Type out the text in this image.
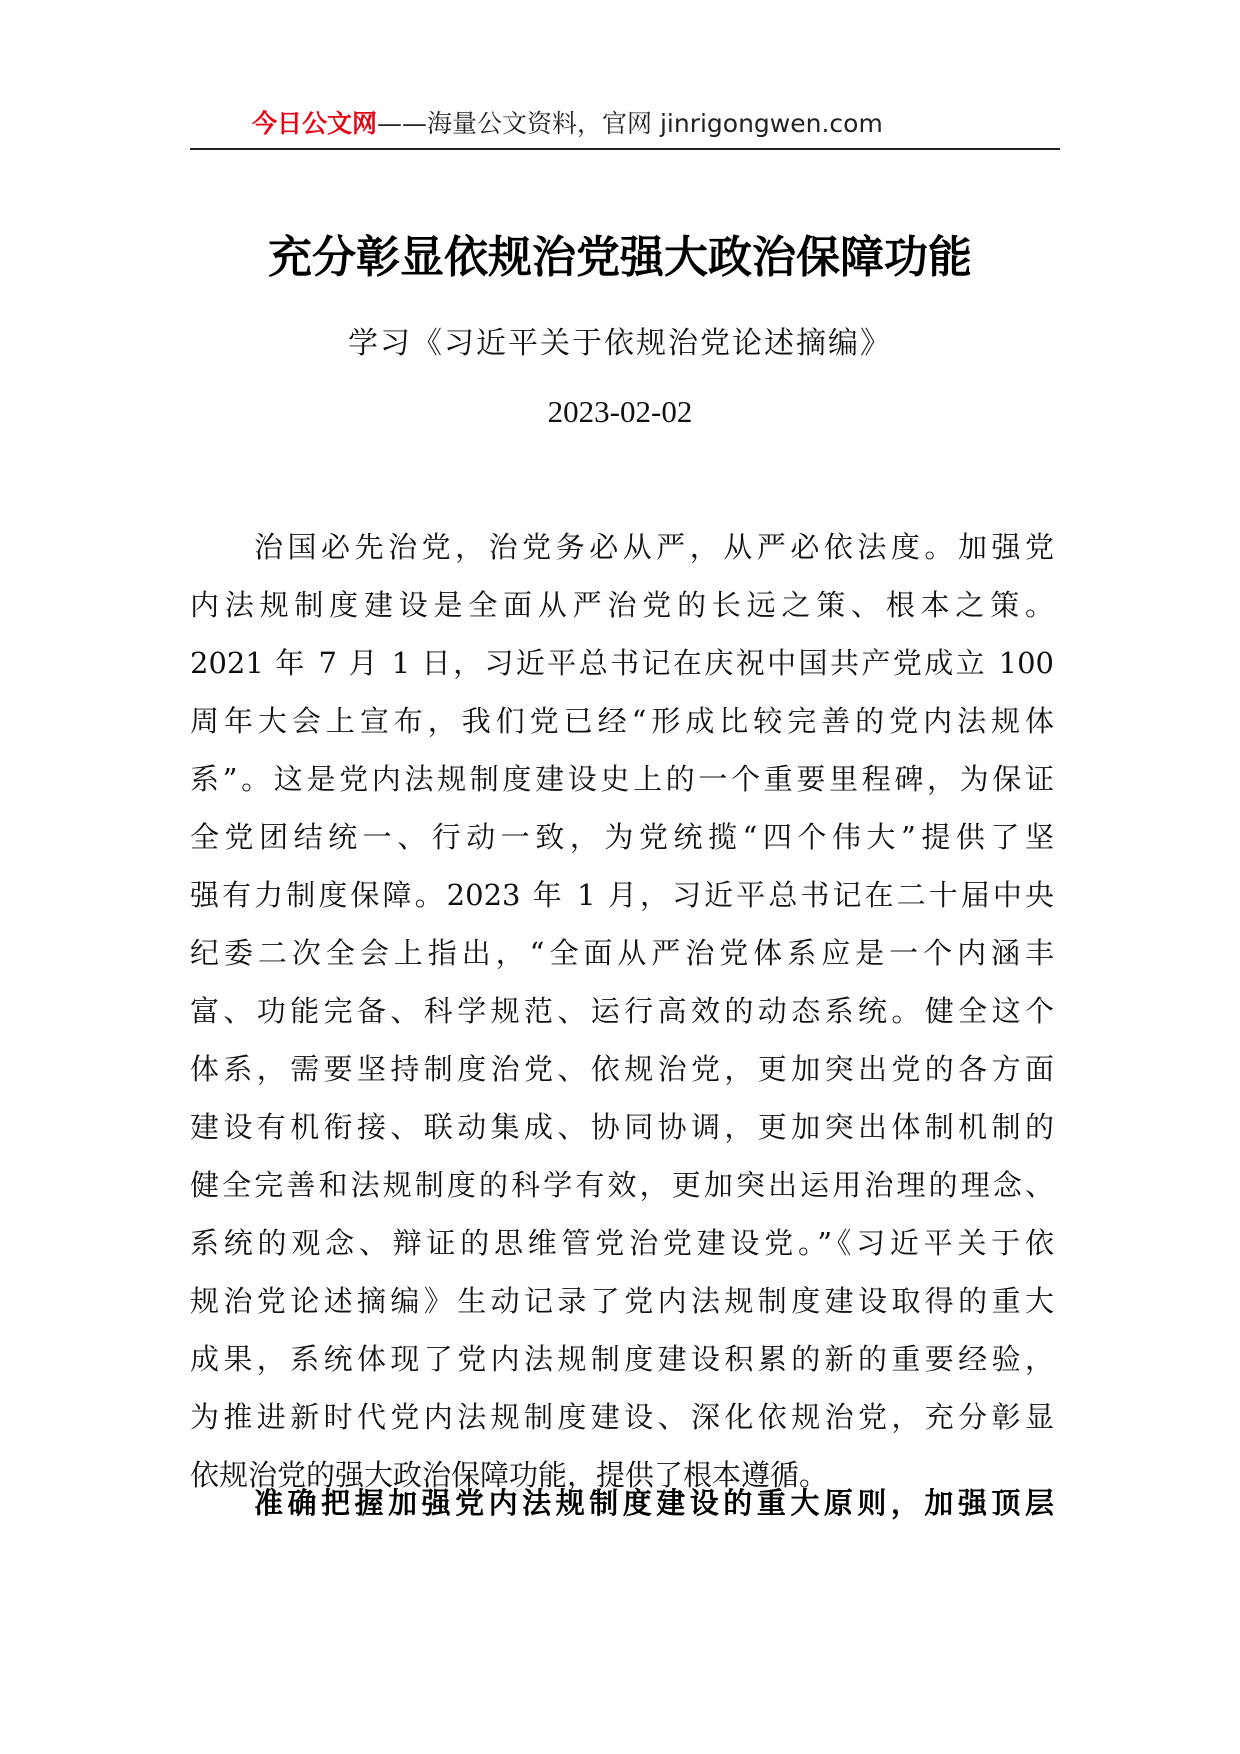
今日公文网——海量公文资料，官网 jinrigongwen.com
充分彰显依规治党强大政治保障功能
学习《习近平关于依规治党论述摘编》
2023-02-02
治国必先治党，治党务必从严，从严必依法度。加强党
内法规制度建设是全面从严治党的长远之策、根本之策。
2021 年 7 月 1 日，习近平总书记在庆祝中国共产党成立 100
周年大会上宣布，我们党已经“形成比较完善的党内法规体
系”。这是党内法规制度建设史上的一个重要里程碑，为保证
全党团结统一、行动一致，为党统揽“四个伟大”提供了坚
强有力制度保障。2023 年 1 月，习近平总书记在二十届中央
纪委二次全会上指出，“全面从严治党体系应是一个内涵丰
富、功能完备、科学规范、运行高效的动态系统。健全这个
体系，需要坚持制度治党、依规治党，更加突出党的各方面
建设有机衔接、联动集成、协同协调，更加突出体制机制的
健全完善和法规制度的科学有效，更加突出运用治理的理念、
系统的观念、辩证的思维管党治党建设党。”《习近平关于依
规治党论述摘编》生动记录了党内法规制度建设取得的重大
成果，系统体现了党内法规制度建设积累的新的重要经验，
为推进新时代党内法规制度建设、深化依规治党，充分彰显
依规治党的强大政治保障功能，提供了根本遵循。
准确把握加强党内法规制度建设的重大原则，加强顶层
